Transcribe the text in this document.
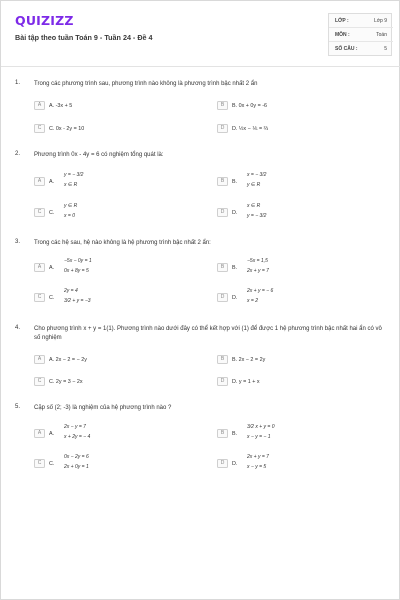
QUIZIZZ
Bài tập theo tuần Toán 9 - Tuần 24 - Đề 4
LỚP :	Lớp 9
MÔN :	Toán
SỐ CÂU :	5
1. Trong các phương trình sau, phương trình nào không là phương trình bậc nhất 2 ẩn
A	A. -3x + 5	B	B. 0x + 0y = -6
C	C. 0x - 2y = 10	D	D. ½x − ⅙ = ⅔
2. Phương trình 0x - 4y = 6 có nghiệm tổng quát là:
A	A.
y = − 3/2
x ∈ R
B	B.
x = − 3/2
y ∈ R
C	C.
y ∈ R
x = 0
D	D.
x ∈ R
y = − 3/2
3. Trong các hệ sau, hệ nào không là hệ phương trình bậc nhất 2 ẩn:
A	A.
−5x − 0y = 1
0x + 8y = 5
B	B.
−5x = 1,5
2x + y = 7
C	C.
2y = 4
3/2 + y = −3
D	D.
2x + y = − 6
x = 2
4. Cho phương trình x + y = 1(1). Phương trình nào dưới đây có thể kết hợp với (1) để được 1 hệ phương trình bậc nhất hai ẩn có vô số nghiệm
A	A. 2x − 2 = − 2y	B	B. 2x − 2 = 2y
C	C. 2y = 3 − 2x	D	D. y = 1 + x
5. Cặp số (2; -3) là nghiệm của hệ phương trình nào ?
A	A.
2x − y = 7
x + 2y = − 4
B	B.
3/2 x + y = 0
x − y = − 1
C	C.
0x − 2y = 6
2x + 0y = 1
D	D.
2x + y = 7
x − y = 5
